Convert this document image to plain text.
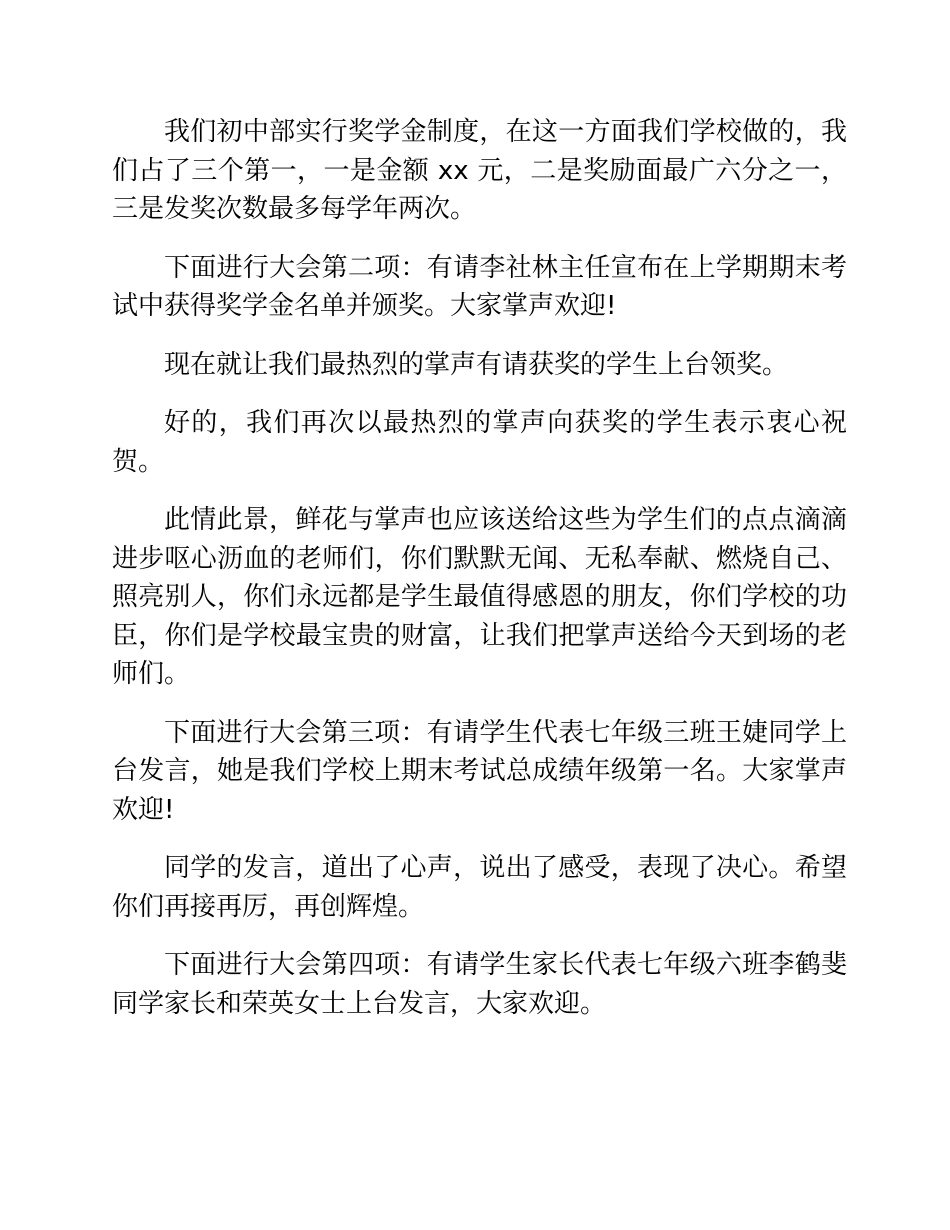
我们初中部实行奖学金制度，在这一方面我们学校做的，我们占了三个第一，一是金额 xx 元，二是奖励面最广六分之一，三是发奖次数最多每学年两次。

下面进行大会第二项：有请李社林主任宣布在上学期期末考试中获得奖学金名单并颁奖。大家掌声欢迎!

现在就让我们最热烈的掌声有请获奖的学生上台领奖。

好的，我们再次以最热烈的掌声向获奖的学生表示衷心祝贺。

此情此景，鲜花与掌声也应该送给这些为学生们的点点滴滴进步呕心沥血的老师们，你们默默无闻、无私奉献、燃烧自己、照亮别人，你们永远都是学生最值得感恩的朋友，你们学校的功臣，你们是学校最宝贵的财富，让我们把掌声送给今天到场的老师们。

下面进行大会第三项：有请学生代表七年级三班王婕同学上台发言，她是我们学校上期末考试总成绩年级第一名。大家掌声欢迎!

同学的发言，道出了心声，说出了感受，表现了决心。希望你们再接再厉，再创辉煌。

下面进行大会第四项：有请学生家长代表七年级六班李鹤斐同学家长和荣英女士上台发言，大家欢迎。
